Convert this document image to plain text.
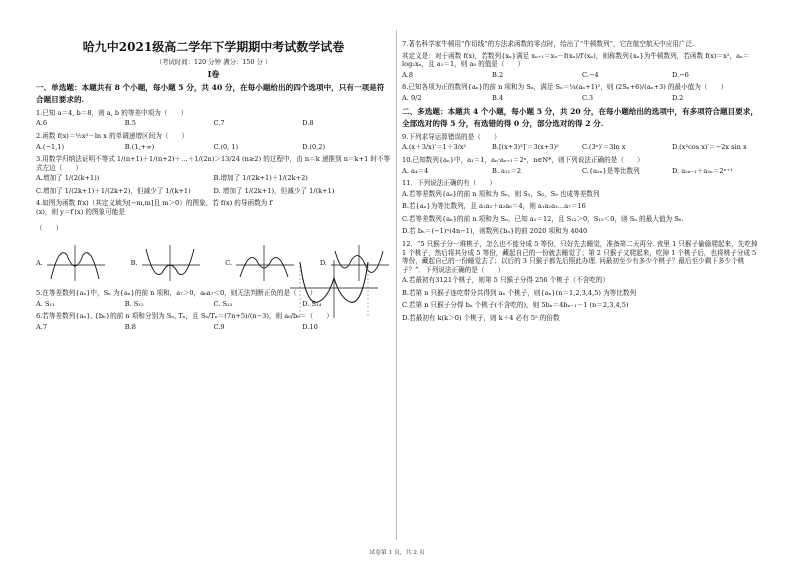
哈九中2021级高二学年下学期期中考试数学试卷
（考试时间：120 分钟 满分：150 分 ）
Ⅰ卷
一、单选题：本题共有 8 个小题，每小题 5 分，共 40 分，在每小题给出的四个选项中，只有一项是符合题目要求的.
1.已知 a＝4, b＝8，则 a, b 的等差中项为（　　）
A.6	B.5	C.7	D.8
2.函数 f(x)＝½x²－ln x 的单调递增区间为（　　）
A.(−1,1)	B.(1,+∞)	C.(0, 1)	D.(0,2)
3.用数学归纳法证明不等式 1/(n+1)＋1/(n+2)＋…＋1/(2n)＞13/24 (n≥2) 的过程中，由 n＝k 递推到 n＝k+1 时不等式左边（　　）
A.增加了 1/(2(k+1))	B.增加了 1/(2k+1)＋1/(2k+2)
C.增加了 1/(2k+1)＋1/(2k+2)，但减少了 1/(k+1)	D. 增加了 1/(2k+1)，但减少了 1/(k+1)
4.如图为函数 f(x)（其定义域为[−m,m]且 m＞0）的图象，若 f(x) 的导函数为 f′(x)，则 y＝f′(x) 的图象可能是
（　　）
A.	B.	C.	D.
5.在等差数列{aₙ}中，Sₙ 为{aₙ}的前 n 项和，a₇＞0，a₆a₇＜0，则无法判断正负的是（　　）
A. S₁₁	B. S₁₂	C. S₁₃	D. S₁₄
6.若等差数列{aₙ}, {bₙ}的前 n 项和分别为 Sₙ, Tₙ，且 Sₙ/Tₙ＝(7n+5)/(n−3)，则 a₆/b₆＝（　　）
A.7	B.8	C.9	D.10
7.著名科学家牛顿用“作切线”的方法求函数的零点时，给出了“牛顿数列”，它在航空航天中应用广泛.
其定义是：对于函数 f(x)，若数列{xₙ}满足 xₙ₊₁＝xₙ－f(xₙ)/f′(xₙ)，则称数列{xₙ}为牛顿数列，若函数 f(x)＝x²，aₙ＝log₂xₙ，且 a₁＝1，则 a₈ 的值是（　　）
A.8	B.2	C.−4	D.−6
8.已知各项为正的数列{aₙ}的前 n 项和为 Sₙ，满足 Sₙ＝¼(aₙ+1)²，则 (2Sₙ+6)/(aₙ+3) 的最小值为（　　）
A. 9/2	B.4	C.3	D.2
二、多选题：本题共 4 个小题，每小题 5 分，共 20 分，在每小题给出的选项中，有多项符合题目要求，全部选对的得 5 分，有选错的得 0 分，部分选对的得 2 分.
9.下列求导运算错误的是（　　）
A.(x＋3/x)′＝1＋3/x²	B.[(x+3)³]′＝3(x+3)²	C.(3ˣ)′＝3ln x	D.(x²cos x)′＝−2x sin x
10.已知数列{aₙ}中，a₁＝1，aₙ·aₙ₊₁＝2ⁿ，n∈N*，则下列说法正确的是（　　）
A. a₄＝4	B. a₁₁＝2	C.{a₂ₙ}是等比数列	D. a₂ₙ₋₁＋a₂ₙ＝2ⁿ⁺¹
11．下列说法正确的有（　　）
A.若等差数列{aₙ}的前 n 项和为 Sₙ，则 S₃，S₆，S₉ 也成等差数列
B.若{aₙ}为等比数列，且 a₁a₃＋a₂a₆＝4，则 a₁a₂a₃…a₇＝16
C.若等差数列{aₙ}的前 n 项和为 Sₙ，已知 a₁＝12，且 S₁₂＞0，S₁₃＜0，则 Sₙ 的最大值为 S₆.
D.若 bₙ＝(−1)ⁿ(4n−1)，则数列{bₙ}的前 2020 项和为 4040
12．“5 只猴子分一堆桃子，怎么也不能分成 5 等份，只好先去睡觉，准备第二天再分. 夜里 1 只猴子偷偷爬起来，先吃掉 1 个桃子，然后将其分成 5 等份，藏起自己的一份就去睡觉了；第 2 只猴子又爬起来，吃掉 1 个桃子后，也将桃子分成 5 等份，藏起自己的一份睡觉去了；以后的 3 只猴子都先后照此办理. 问最初至少有多少个桃子？最后至少剩下多少个桃子？”．下列说法正确的是（　　）
A.若最初有3121个桃子，则第 5 只猴子分得 256 个桃子（不含吃的）
B.若第 n 只猴子连吃带分共得到 aₙ 个桃子，则{aₙ}(n＝1,2,3,4,5) 为等比数列
C.若第 n 只猴子分得 bₙ 个桃子(不含吃的)，则 5bₙ＝4bₙ₋₁－1 (n＝2,3,4,5)
D.若最初有 k(k＞0) 个桃子，则 k＋4 必有 5⁵ 的倍数
试卷第 1 页，共 2 页
